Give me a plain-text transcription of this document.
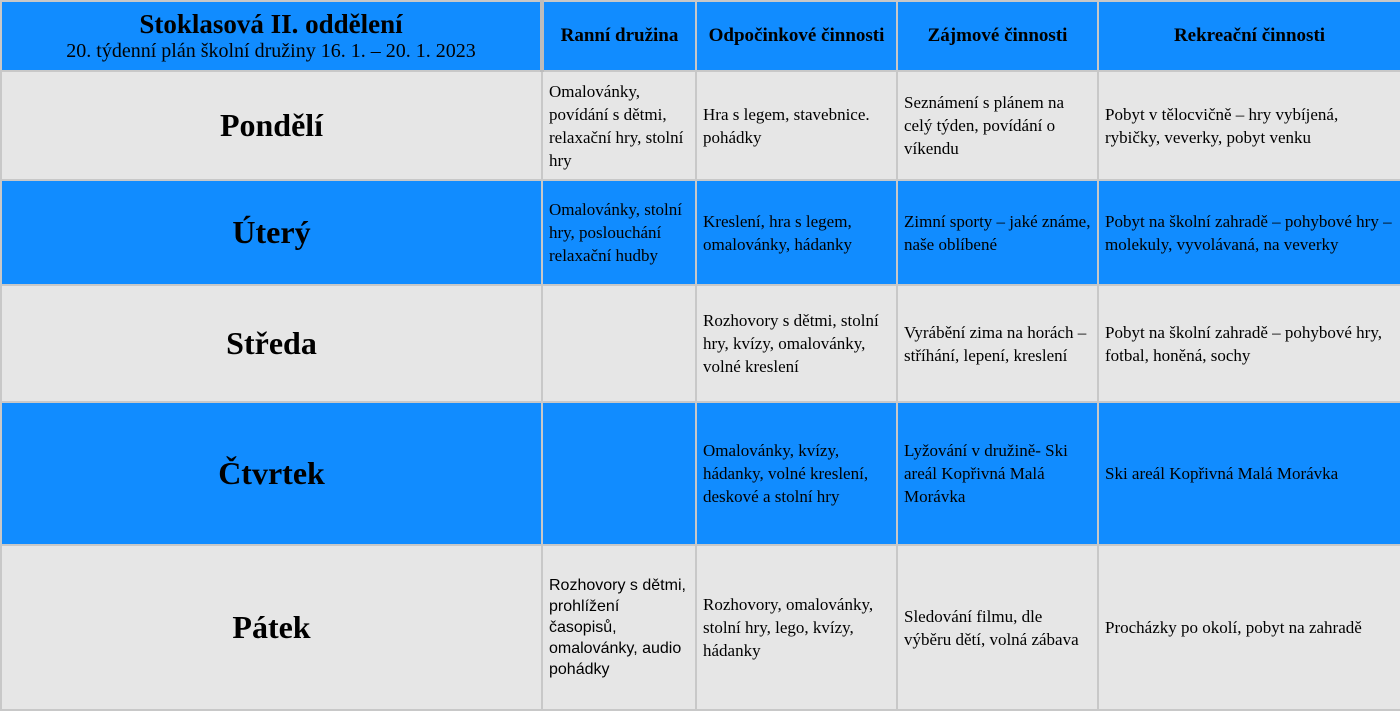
Stoklasová II. oddělení
20. týdenní plán školní družiny 16. 1. – 20. 1. 2023	Ranní družina	Odpočinkové činnosti	Zájmové činnosti	Rekreační činnosti
Pondělí	Omalovánky, povídání s dětmi, relaxační hry, stolní hry	Hra s legem, stavebnice. pohádky	Seznámení s plánem na celý týden, povídání o víkendu	Pobyt v tělocvičně – hry vybíjená, rybičky, veverky, pobyt venku
Úterý	Omalovánky, stolní hry, poslouchání relaxační hudby	Kreslení, hra s legem, omalovánky, hádanky	Zimní sporty – jaké známe, naše oblíbené	Pobyt na školní zahradě – pohybové hry – molekuly, vyvolávaná, na veverky
Středa		Rozhovory s dětmi, stolní hry, kvízy, omalovánky, volné kreslení	Vyrábění zima na horách – stříhání, lepení, kreslení	Pobyt na školní zahradě – pohybové hry, fotbal, honěná, sochy
Čtvrtek		Omalovánky, kvízy, hádanky, volné kreslení, deskové a stolní hry	Lyžování v družině- Ski areál Kopřivná Malá Morávka	Ski areál Kopřivná Malá Morávka
Pátek	Rozhovory s dětmi, prohlížení časopisů, omalovánky, audio pohádky	Rozhovory, omalovánky, stolní hry, lego, kvízy, hádanky	Sledování filmu, dle výběru dětí, volná zábava	Procházky po okolí, pobyt na zahradě
